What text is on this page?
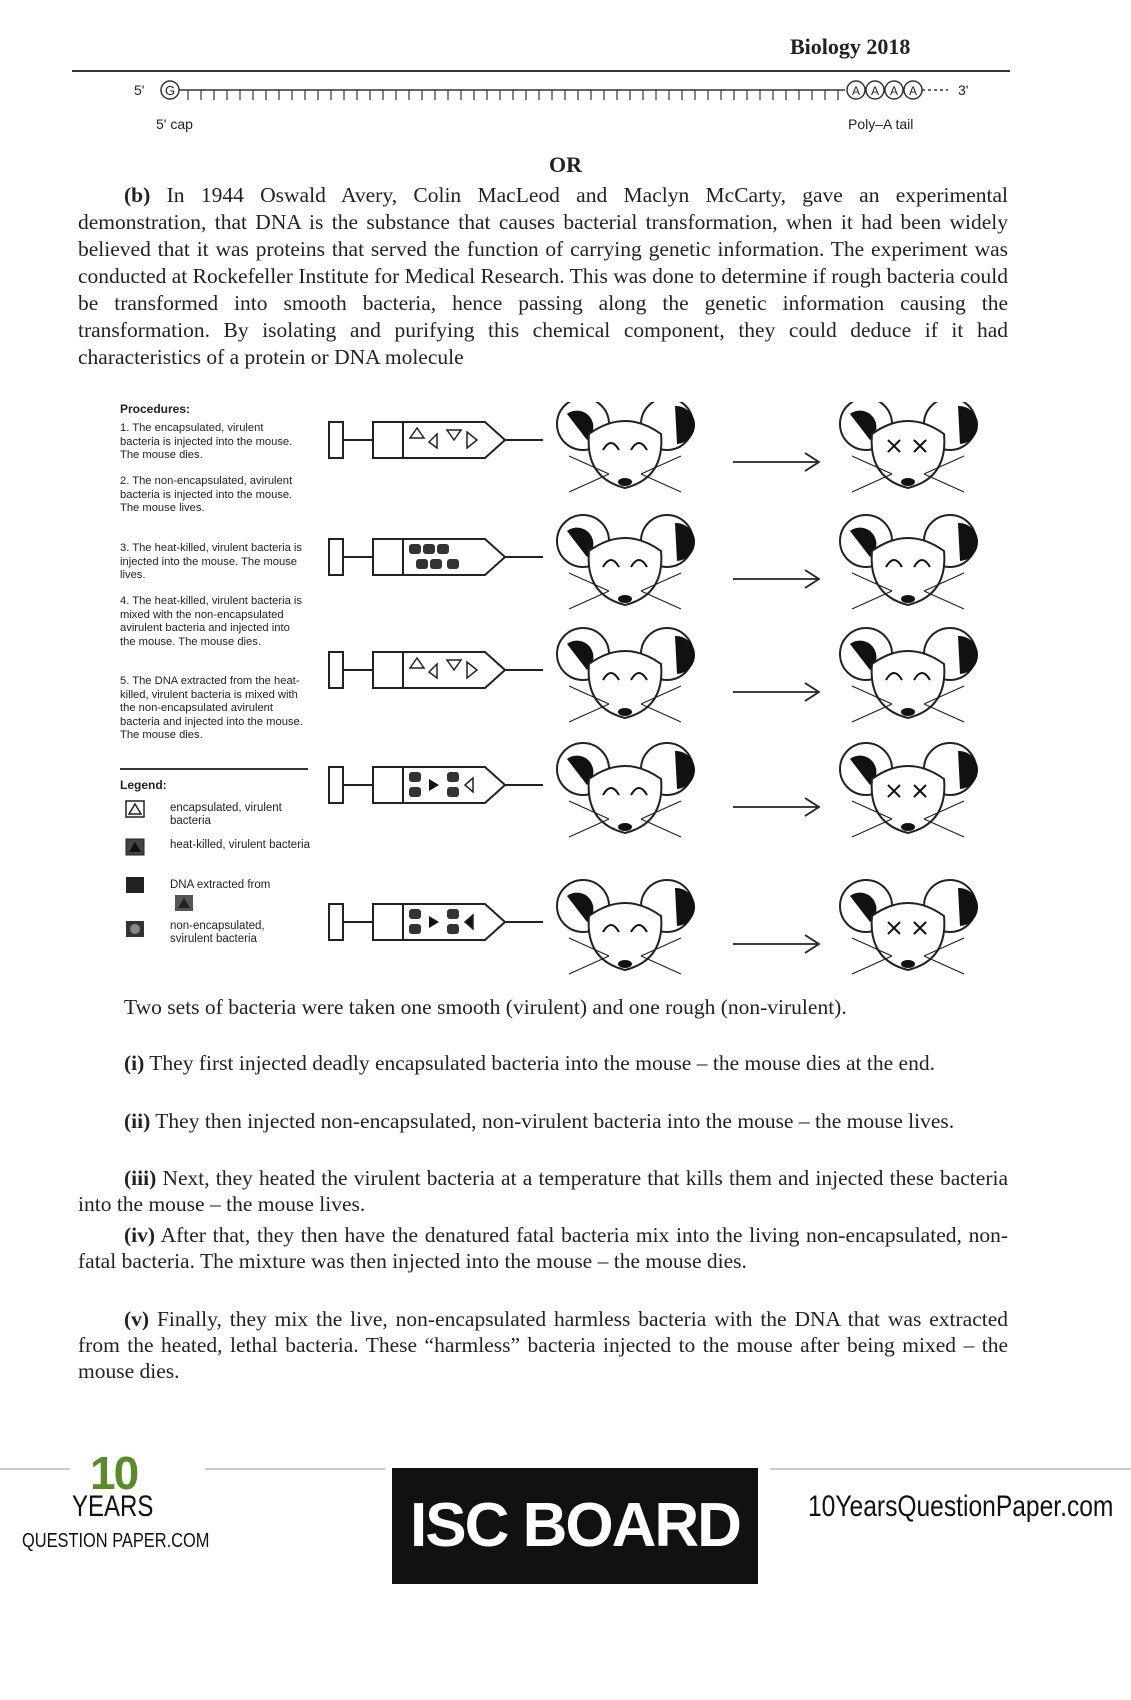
Biology 2018
5' G	A A A A	3'
5' cap	Poly–A tail
OR
(b) In 1944 Oswald Avery, Colin MacLeod and Maclyn McCarty, gave an experimental demonstration, that DNA is the substance that causes bacterial transformation, when it had been widely believed that it was proteins that served the function of carrying genetic information. The experiment was conducted at Rockefeller Institute for Medical Research. This was done to determine if rough bacteria could be transformed into smooth bacteria, hence passing along the genetic information causing the transformation. By isolating and purifying this chemical component, they could deduce if it had characteristics of a protein or DNA molecule
Procedures:
1. The encapsulated, virulent bacteria is injected into the mouse. The mouse dies.
2. The non-encapsulated, avirulent bacteria is injected into the mouse. The mouse lives.
3. The heat-killed, virulent bacteria is injected into the mouse. The mouse lives.
4. The heat-killed, virulent bacteria is mixed with the non-encapsulated avirulent bacteria and injected into the mouse. The mouse dies.
5. The DNA extracted from the heat-killed, virulent bacteria is mixed with the non-encapsulated avirulent bacteria and injected into the mouse. The mouse dies.
Legend:
encapsulated, virulent bacteria
heat-killed, virulent bacteria
DNA extracted from
non-encapsulated, svirulent bacteria
Two sets of bacteria were taken one smooth (virulent) and one rough (non-virulent).
(i) They first injected deadly encapsulated bacteria into the mouse – the mouse dies at the end.
(ii) They then injected non-encapsulated, non-virulent bacteria into the mouse – the mouse lives.
(iii) Next, they heated the virulent bacteria at a temperature that kills them and injected these bacteria into the mouse – the mouse lives.
(iv) After that, they then have the denatured fatal bacteria mix into the living non-encapsulated, non-fatal bacteria. The mixture was then injected into the mouse – the mouse dies.
(v) Finally, they mix the live, non-encapsulated harmless bacteria with the DNA that was extracted from the heated, lethal bacteria. These “harmless” bacteria injected to the mouse after being mixed – the mouse dies.
10
YEARS
QUESTION PAPER.COM	ISC BOARD XII
10YearsQuestionPaper.com
